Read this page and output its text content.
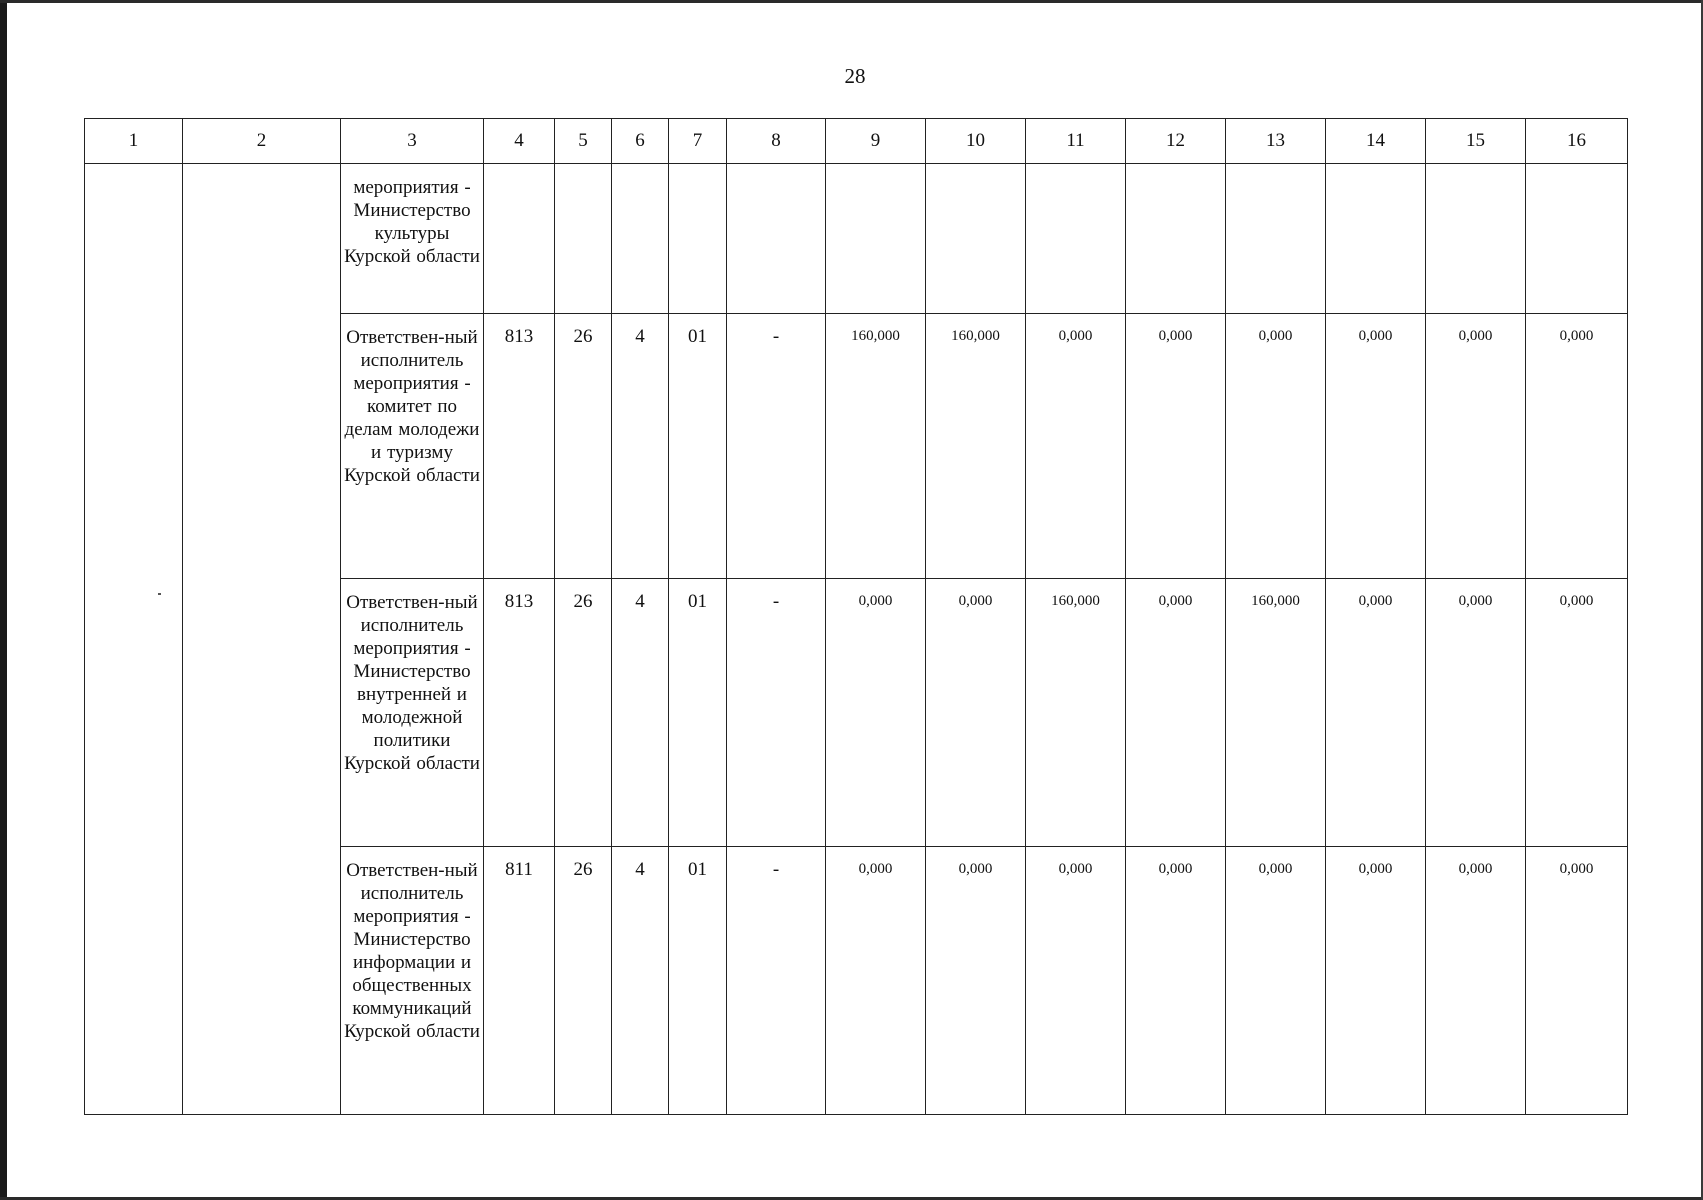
28
1	2	3	4	5	6	7	8	9	10	11	12	13	14	15	16
		мероприятия - Министерство культуры Курской области													
		Ответствен-ный исполнитель мероприятия - комитет по делам молодежи и туризму Курской области	813	26	4	01	-	160,000	160,000	0,000	0,000	0,000	0,000	0,000	0,000
		Ответствен-ный исполнитель мероприятия - Министерство внутренней и молодежной политики Курской области	813	26	4	01	-	0,000	0,000	160,000	0,000	160,000	0,000	0,000	0,000
		Ответствен-ный исполнитель мероприятия - Министерство информации и общественных коммуникаций Курской области	811	26	4	01	-	0,000	0,000	0,000	0,000	0,000	0,000	0,000	0,000
